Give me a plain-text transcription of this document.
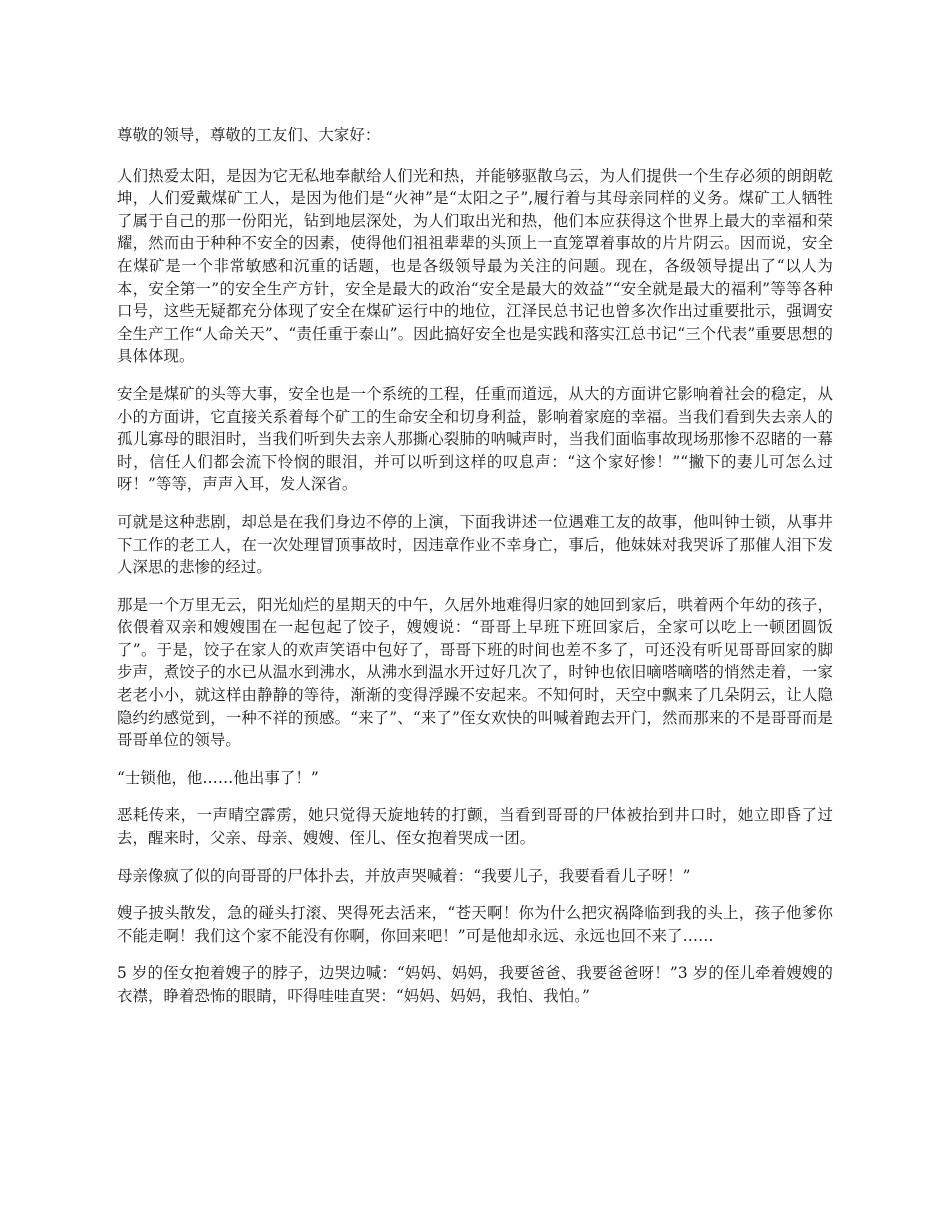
尊敬的领导，尊敬的工友们、大家好：

人们热爱太阳，是因为它无私地奉献给人们光和热，并能够驱散乌云，为人们提供一个生存必须的朗朗乾坤，人们爱戴煤矿工人，是因为他们是“火神”是“太阳之子”,履行着与其母亲同样的义务。煤矿工人牺牲了属于自己的那一份阳光，钻到地层深处，为人们取出光和热，他们本应获得这个世界上最大的幸福和荣耀，然而由于种种不安全的因素，使得他们祖祖辈辈的头顶上一直笼罩着事故的片片阴云。因而说，安全在煤矿是一个非常敏感和沉重的话题，也是各级领导最为关注的问题。现在，各级领导提出了“以人为本，安全第一”的安全生产方针，安全是最大的政治“安全是最大的效益”“安全就是最大的福利”等等各种口号，这些无疑都充分体现了安全在煤矿运行中的地位，江泽民总书记也曾多次作出过重要批示，强调安全生产工作“人命关天”、“责任重于泰山”。因此搞好安全也是实践和落实江总书记“三个代表”重要思想的具体体现。

安全是煤矿的头等大事，安全也是一个系统的工程，任重而道远，从大的方面讲它影响着社会的稳定，从小的方面讲，它直接关系着每个矿工的生命安全和切身利益，影响着家庭的幸福。当我们看到失去亲人的孤儿寡母的眼泪时，当我们听到失去亲人那撕心裂肺的呐喊声时，当我们面临事故现场那惨不忍睹的一幕时，信任人们都会流下怜悯的眼泪，并可以听到这样的叹息声：“这个家好惨！”“撇下的妻儿可怎么过呀！”等等，声声入耳，发人深省。

可就是这种悲剧，却总是在我们身边不停的上演，下面我讲述一位遇难工友的故事，他叫钟士锁，从事井下工作的老工人，在一次处理冒顶事故时，因违章作业不幸身亡，事后，他妹妹对我哭诉了那催人泪下发人深思的悲惨的经过。

那是一个万里无云，阳光灿烂的星期天的中午，久居外地难得归家的她回到家后，哄着两个年幼的孩子，依偎着双亲和嫂嫂围在一起包起了饺子，嫂嫂说：“哥哥上早班下班回家后，全家可以吃上一顿团圆饭了”。于是，饺子在家人的欢声笑语中包好了，哥哥下班的时间也差不多了，可还没有听见哥哥回家的脚步声，煮饺子的水已从温水到沸水，从沸水到温水开过好几次了，时钟也依旧嘀嗒嘀嗒的悄然走着，一家老老小小，就这样由静静的等待，渐渐的变得浮躁不安起来。不知何时，天空中飘来了几朵阴云，让人隐隐约约感觉到，一种不祥的预感。“来了”、“来了”侄女欢快的叫喊着跑去开门，然而那来的不是哥哥而是哥哥单位的领导。

“士锁他，他……他出事了！”

恶耗传来，一声晴空霹雳，她只觉得天旋地转的打颤，当看到哥哥的尸体被抬到井口时，她立即昏了过去，醒来时，父亲、母亲、嫂嫂、侄儿、侄女抱着哭成一团。

母亲像疯了似的向哥哥的尸体扑去，并放声哭喊着：“我要儿子，我要看看儿子呀！”

嫂子披头散发，急的碰头打滚、哭得死去活来，“苍天啊！你为什么把灾祸降临到我的头上，孩子他爹你不能走啊！我们这个家不能没有你啊，你回来吧！”可是他却永远、永远也回不来了……

5 岁的侄女抱着嫂子的脖子，边哭边喊：“妈妈、妈妈，我要爸爸、我要爸爸呀！”3 岁的侄儿牵着嫂嫂的衣襟，睁着恐怖的眼睛，吓得哇哇直哭：“妈妈、妈妈，我怕、我怕。”
